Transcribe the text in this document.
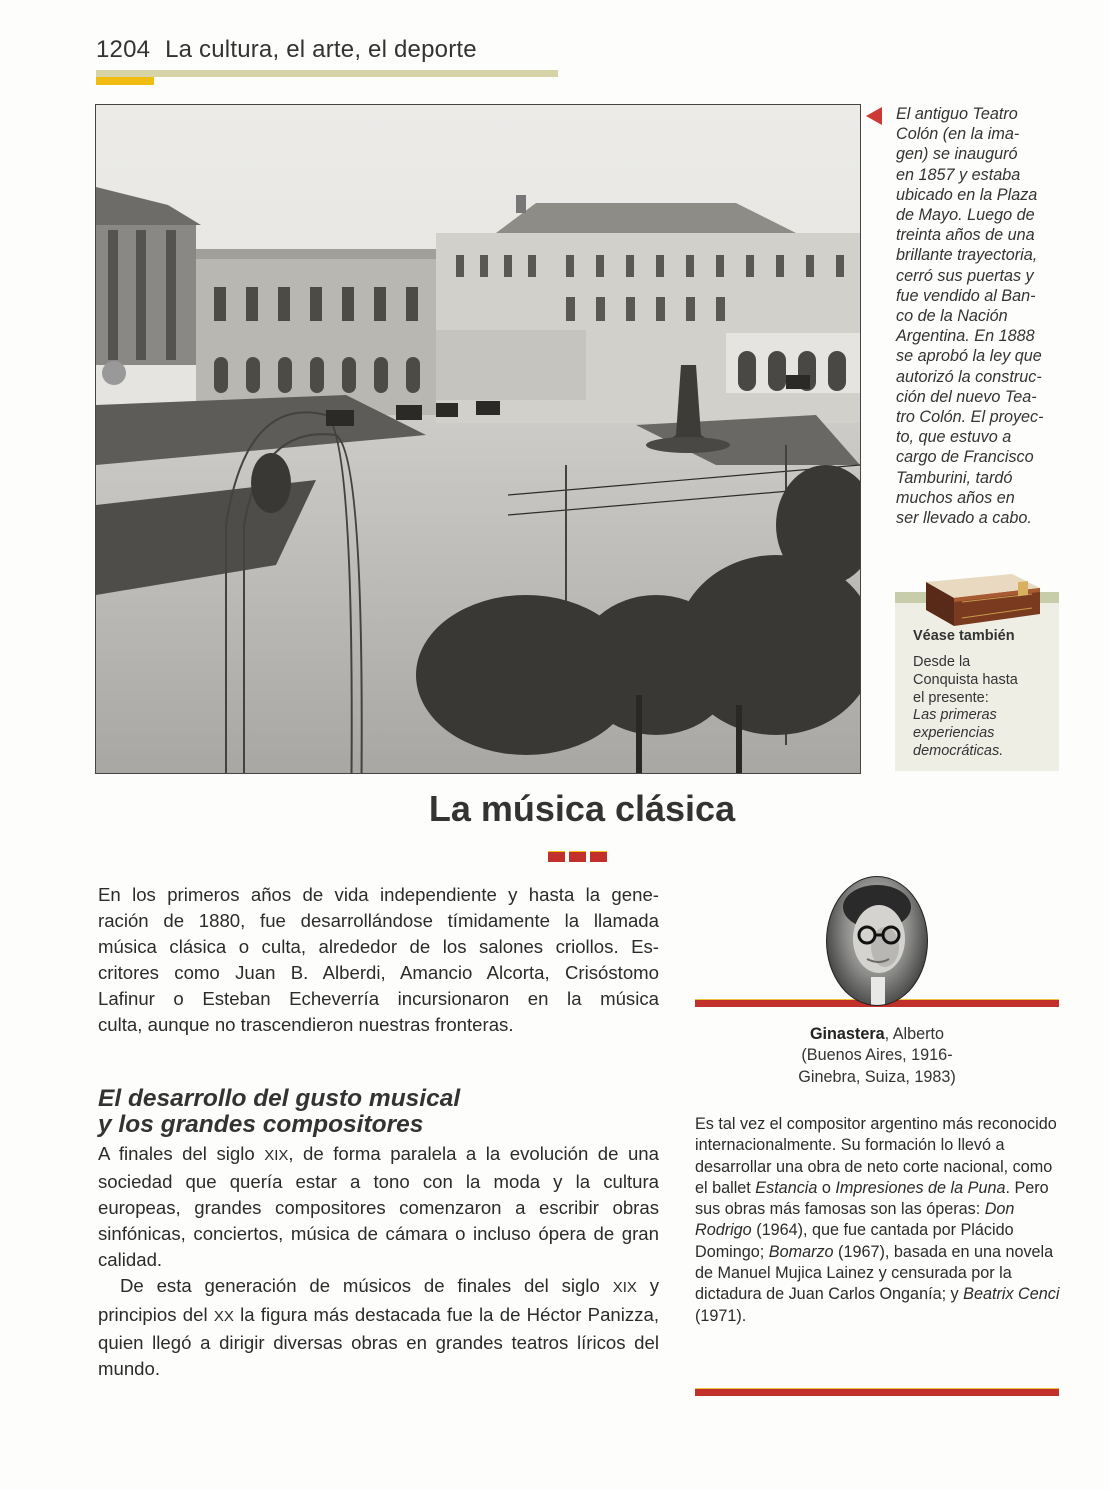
1204 La cultura, el arte, el deporte
El antiguo Teatro
Colón (en la ima-
gen) se inauguró
en 1857 y estaba
ubicado en la Plaza
de Mayo. Luego de
treinta años de una
brillante trayectoria,
cerró sus puertas y
fue vendido al Ban-
co de la Nación
Argentina. En 1888
se aprobó la ley que
autorizó la construc-
ción del nuevo Tea-
tro Colón. El proyec-
to, que estuvo a
cargo de Francisco
Tamburini, tardó
muchos años en
ser llevado a cabo.
Véase también
Desde la
Conquista hasta
el presente:
Las primeras
experiencias
democráticas.
La música clásica
En los primeros años de vida independiente y hasta la gene-
ración de 1880, fue desarrollándose tímidamente la llamada
música clásica o culta, alrededor de los salones criollos. Es-
critores como Juan B. Alberdi, Amancio Alcorta, Crisóstomo
Lafinur o Esteban Echeverría incursionaron en la música
culta, aunque no trascendieron nuestras fronteras.
El desarrollo del gusto musical
y los grandes compositores

A finales del siglo XIX, de forma paralela a la evolución de una sociedad que quería estar a tono con la moda y la cultura europeas, grandes compositores comenzaron a escribir obras sinfónicas, conciertos, música de cámara o incluso ópera de gran calidad.

De esta generación de músicos de finales del siglo XIX y principios del XX la figura más destacada fue la de Héctor Panizza, quien llegó a dirigir diversas obras en grandes teatros líricos del mundo.

Ginastera, Alberto
(Buenos Aires, 1916-
Ginebra, Suiza, 1983)
Es tal vez el compositor argentino más reconocido internacionalmente. Su formación lo llevó a desarrollar una obra de neto corte nacional, como el ballet Estancia o Impresiones de la Puna. Pero sus obras más famosas son las óperas: Don Rodrigo (1964), que fue cantada por Plácido Domingo; Bomarzo (1967), basada en una novela de Manuel Mujica Lainez y censurada por la dictadura de Juan Carlos Onganía; y Beatrix Cenci (1971).
